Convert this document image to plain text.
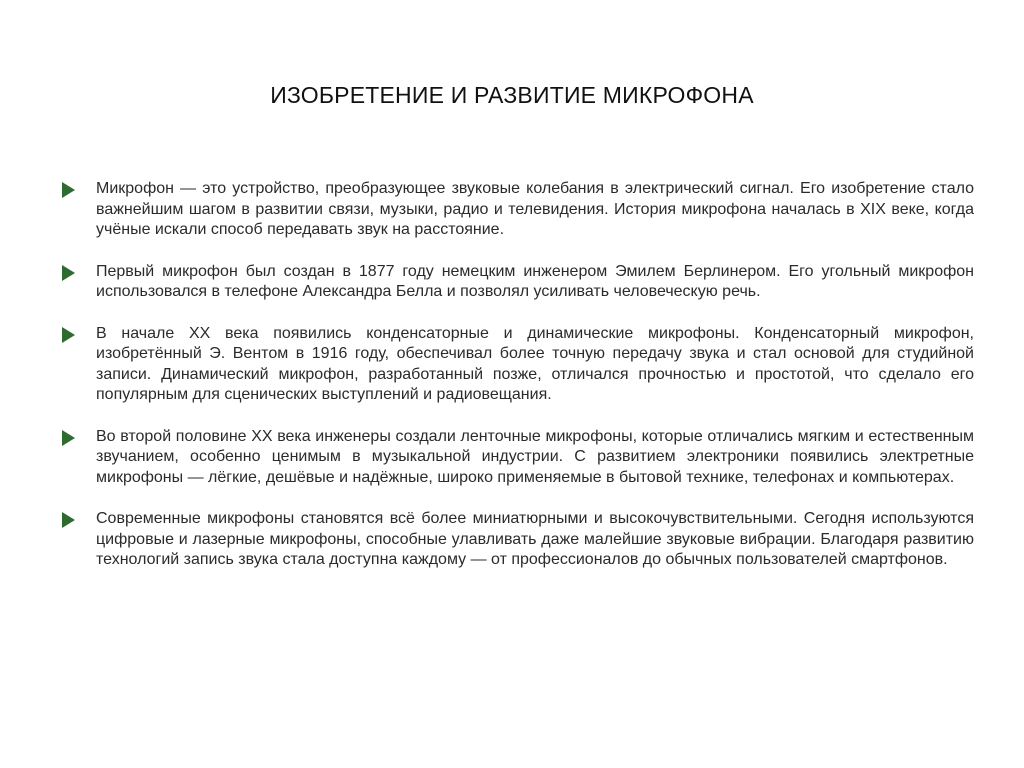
ИЗОБРЕТЕНИЕ И РАЗВИТИЕ МИКРОФОНА

Микрофон — это устройство, преобразующее звуковые колебания в электрический сигнал. Его изобретение стало важнейшим шагом в развитии связи, музыки, радио и телевидения. История микрофона началась в XIX веке, когда учёные искали способ передавать звук на расстояние.

Первый микрофон был создан в 1877 году немецким инженером Эмилем Берлинером. Его угольный микрофон использовался в телефоне Александра Белла и позволял усиливать человеческую речь.

В начале XX века появились конденсаторные и динамические микрофоны. Конденсаторный микрофон, изобретённый Э. Вентом в 1916 году, обеспечивал более точную передачу звука и стал основой для студийной записи. Динамический микрофон, разработанный позже, отличался прочностью и простотой, что сделало его популярным для сценических выступлений и радиовещания.

Во второй половине XX века инженеры создали ленточные микрофоны, которые отличались мягким и естественным звучанием, особенно ценимым в музыкальной индустрии. С развитием электроники появились электретные микрофоны — лёгкие, дешёвые и надёжные, широко применяемые в бытовой технике, телефонах и компьютерах.

Современные микрофоны становятся всё более миниатюрными и высокочувствительными. Сегодня используются цифровые и лазерные микрофоны, способные улавливать даже малейшие звуковые вибрации. Благодаря развитию технологий запись звука стала доступна каждому — от профессионалов до обычных пользователей смартфонов.
